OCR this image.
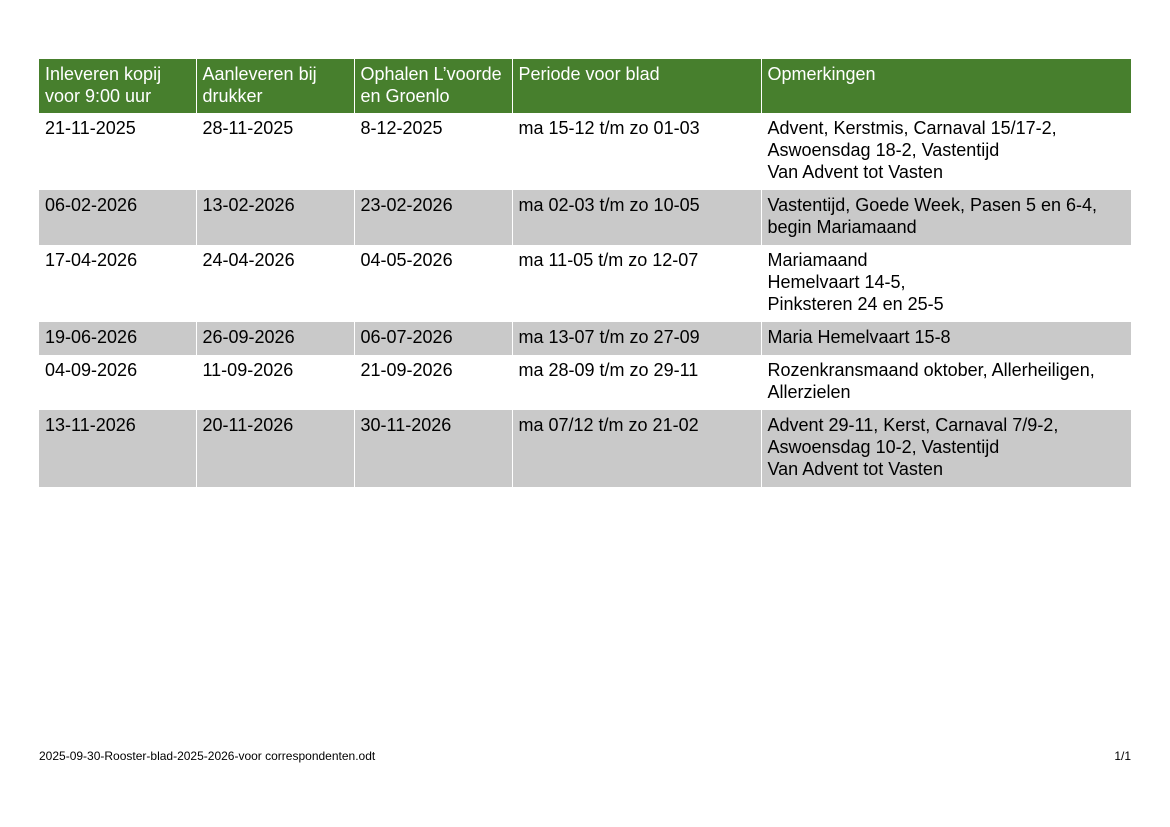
Inleveren kopij voor 9:00 uur	Aanleveren bij drukker	Ophalen L’voorde en Groenlo	Periode voor blad	Opmerkingen
21-11-2025	28-11-2025	8-12-2025	ma 15-12 t/m zo 01-03	Advent, Kerstmis, Carnaval 15/17-2, Aswoensdag 18-2, Vastentijd
Van Advent tot Vasten

06-02-2026	13-02-2026	23-02-2026	ma 02-03 t/m zo 10-05	Vastentijd, Goede Week, Pasen 5 en 6-4, begin Mariamaand

17-04-2026	24-04-2026	04-05-2026	ma 11-05 t/m zo 12-07	Mariamaand
Hemelvaart 14-5,
Pinksteren 24 en 25-5

19-06-2026	26-09-2026	06-07-2026	ma 13-07 t/m zo 27-09	Maria Hemelvaart 15-8

04-09-2026	11-09-2026	21-09-2026	ma 28-09 t/m zo 29-11	Rozenkransmaand oktober, Allerheiligen, Allerzielen

13-11-2026	20-11-2026	30-11-2026	ma 07/12 t/m zo 21-02	Advent 29-11, Kerst, Carnaval 7/9-2, Aswoensdag 10-2, Vastentijd
Van Advent tot Vasten
2025-09-30-Rooster-blad-2025-2026-voor correspondenten.odt	1/1
